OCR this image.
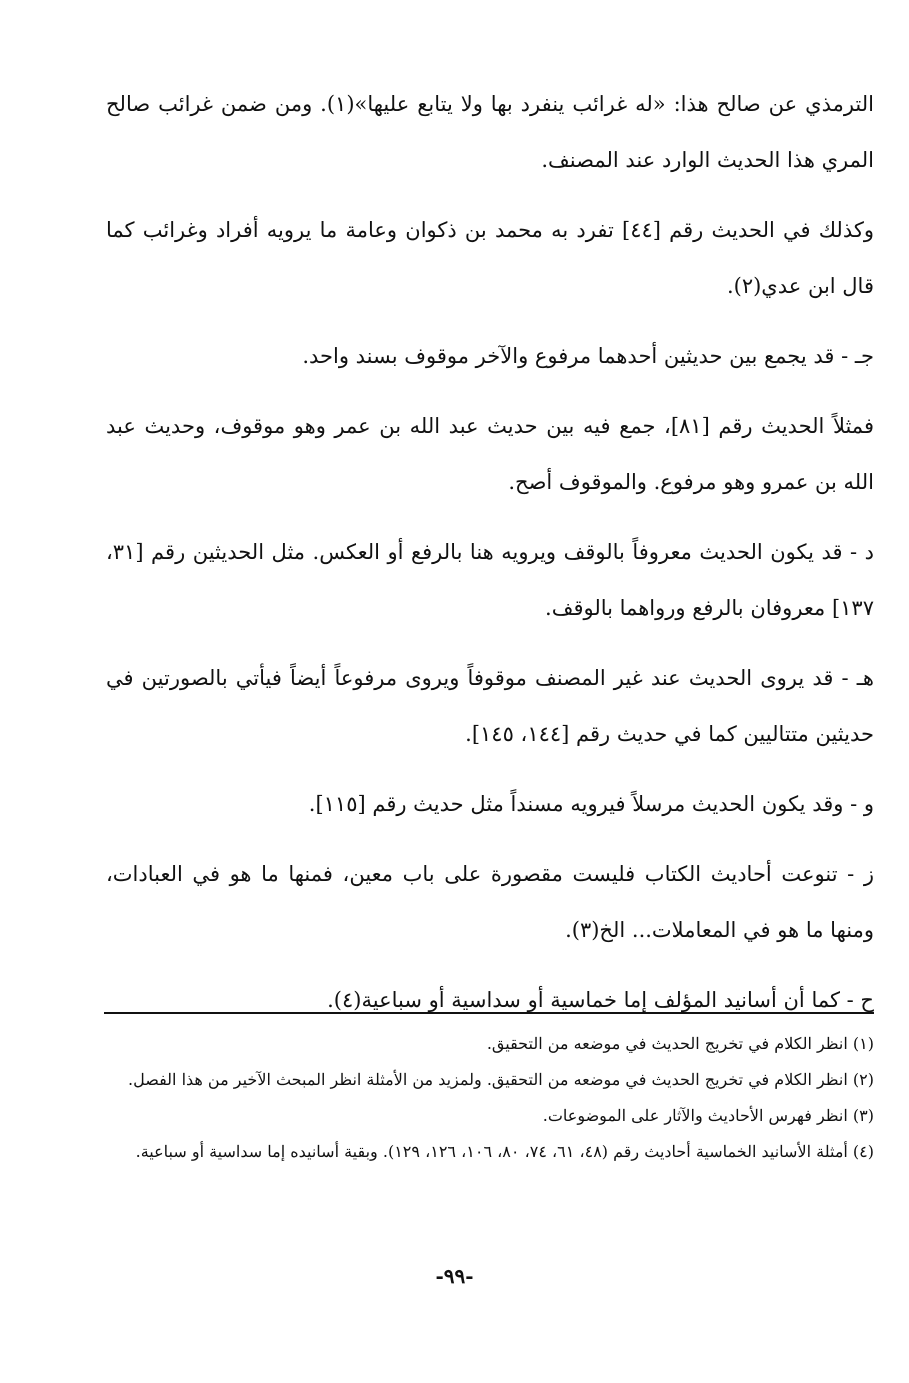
الترمذي عن صالح هذا: «له غرائب ينفرد بها ولا يتابع عليها»(١). ومن ضمن غرائب صالح المري هذا الحديث الوارد عند المصنف.

وكذلك في الحديث رقم [٤٤] تفرد به محمد بن ذكوان وعامة ما يرويه أفراد وغرائب كما قال ابن عدي(٢).

جـ - قد يجمع بين حديثين أحدهما مرفوع والآخر موقوف بسند واحد.

فمثلاً الحديث رقم [٨١]، جمع فيه بين حديث عبد الله بن عمر وهو موقوف، وحديث عبد الله بن عمرو وهو مرفوع. والموقوف أصح.

د - قد يكون الحديث معروفاً بالوقف ويرويه هنا بالرفع أو العكس. مثل الحديثين رقم [٣١، ١٣٧] معروفان بالرفع ورواهما بالوقف.

هـ - قد يروى الحديث عند غير المصنف موقوفاً ويروى مرفوعاً أيضاً فيأتي بالصورتين في حديثين متتاليين كما في حديث رقم [١٤٤، ١٤٥].

و - وقد يكون الحديث مرسلاً فيرويه مسنداً مثل حديث رقم [١١٥].

ز - تنوعت أحاديث الكتاب فليست مقصورة على باب معين، فمنها ما هو في العبادات، ومنها ما هو في المعاملات... الخ(٣).

ح - كما أن أسانيد المؤلف إما خماسية أو سداسية أو سباعية(٤).

(١) انظر الكلام في تخريج الحديث في موضعه من التحقيق.

(٢) انظر الكلام في تخريج الحديث في موضعه من التحقيق. ولمزيد من الأمثلة انظر المبحث الآخير من هذا الفصل.

(٣) انظر فهرس الأحاديث والآثار على الموضوعات.

(٤) أمثلة الأسانيد الخماسية أحاديث رقم (٤٨، ٦١، ٧٤، ٨٠، ١٠٦، ١٢٦، ١٢٩). وبقية أسانيده إما سداسية أو سباعية.

-٩٩-
